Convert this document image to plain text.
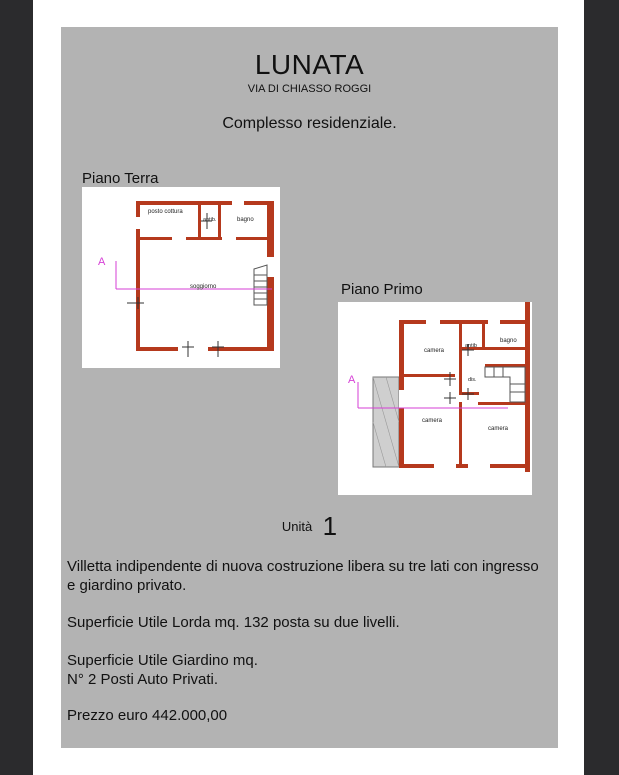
LUNATA
VIA DI CHIASSO ROGGI
Complesso residenziale.
Piano Terra
A
posto cottura
antib.	bagno
soggiorno	Piano Primo
A
camera
antib
bagno
dis.
camera
camera
Unità 1

Villetta indipendente di nuova costruzione libera su tre lati con ingresso e giardino privato.

Superficie Utile Lorda mq. 132 posta su due livelli.

Superficie Utile Giardino mq.

N° 2 Posti Auto Privati.

Prezzo euro 442.000,00
